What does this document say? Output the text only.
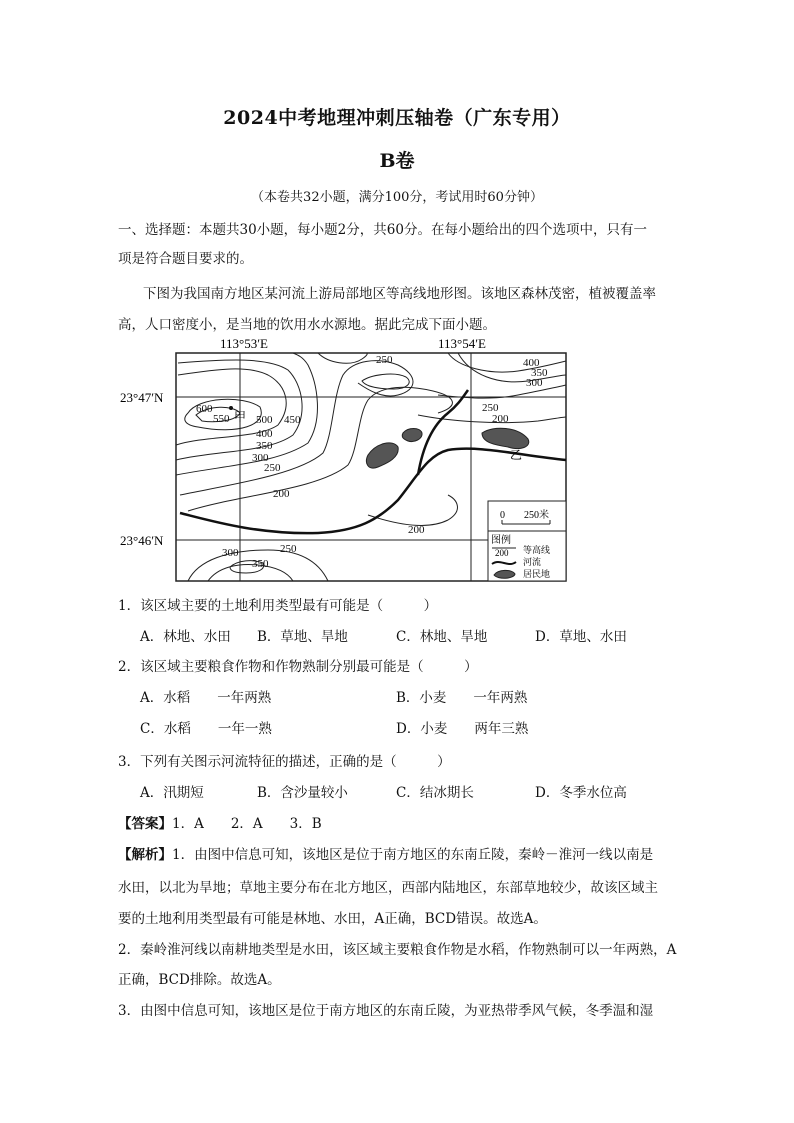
2024中考地理冲刺压轴卷（广东专用）
B卷
（本卷共32小题，满分100分，考试用时60分钟）
一、选择题：本题共30小题，每小题2分，共60分。在每小题给出的四个选项中，只有一
项是符合题目要求的。
下图为我国南方地区某河流上游局部地区等高线地形图。该地区森林茂密，植被覆盖率
高，人口密度小，是当地的饮用水水源地。据此完成下面小题。
113°53′E	113°54′E
23°47′N
23°46′N
250	400
350
300
600
550 500 450
400
350
300
250
200
250
200
200
300	250
350
甲
乙
0 250米
图例
200 等高线
河流
居民地
1．该区域主要的土地利用类型最有可能是（　　　）
A．林地、水田 B．草地、旱地	C．林地、旱地	D．草地、水田
2．该区域主要粮食作物和作物熟制分别最可能是（　　　）
A．水稻　　一年两熟	B．小麦　　一年两熟
C．水稻　　一年一熟	D．小麦　　两年三熟
3．下列有关图示河流特征的描述，正确的是（　　　）
A．汛期短	B．含沙量较小	C．结冰期长	D．冬季水位高
【答案】1．A　　2．A　　3．B
【解析】1．由图中信息可知，该地区是位于南方地区的东南丘陵，秦岭－淮河一线以南是
水田，以北为旱地；草地主要分布在北方地区，西部内陆地区，东部草地较少，故该区域主
要的土地利用类型最有可能是林地、水田，A正确，BCD错误。故选A。
2．秦岭淮河线以南耕地类型是水田，该区域主要粮食作物是水稻，作物熟制可以一年两熟，A
正确，BCD排除。故选A。
3．由图中信息可知，该地区是位于南方地区的东南丘陵，为亚热带季风气候，冬季温和湿
